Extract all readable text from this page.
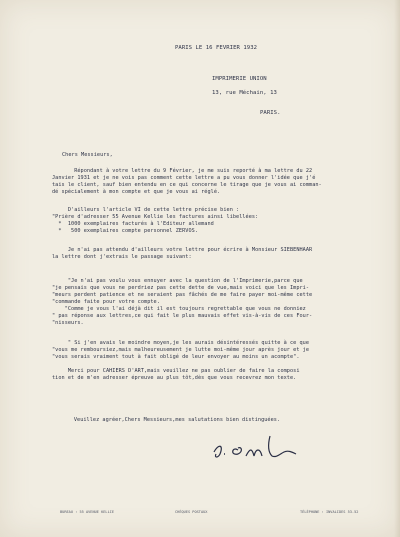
PARIS LE 16 FEVRIER 1932
IMPRIMERIE UNION
13, rue Méchain, 13
PARIS.
Chers Messieurs,
Répondant à votre lettre du 9 Février, je me suis reporté à ma lettre du 22
Janvier 1931 et je ne vois pas comment cette lettre a pu vous donner l'idée que j'é
tais le client, sauf bien entendu en ce qui concerne le tirage que je vous ai comman-
dé spécialement à mon compte et que je vous ai réglé.
D'ailleurs l'article VI de cette lettre précise bien :
"Prière d'adresser 55 Avenue Kellie les factures ainsi libellées:
*  1000 exemplaires facturés à l'Editeur allemand
*   500 exemplaires compte personnel ZERVOS.
Je n'ai pas attendu d'ailleurs votre lettre pour écrire à Monsieur SIEBENHAAR
la lettre dont j'extrais le passage suivant:
"Je n'ai pas voulu vous ennuyer avec la question de l'Imprimerie,parce que
"je pensais que vous ne perdriez pas cette dette de vue,mais voici que les Impri-
"meurs perdent patience et ne seraient pas fâchés de me faire payer moi-même cette
"commande faite pour votre compte.
"Comme je vous l'ai déjà dit il est toujours regrettable que vous ne donniez
" pas réponse aux lettres,ce qui fait le plus mauvais effet vis-à-vis de ces Four-
"nisseurs.
" Si j'en avais le moindre moyen,je les aurais désintéressés quitte à ce que
"vous me remboursiez,mais malheureusement je lutte moi-même jour après jour et je
"vous serais vraiment tout à fait obligé de leur envoyer au moins un acompte".
Merci pour CAHIERS D'ART,mais veuillez ne pas oublier de faire la composi
tion et de m'en adresser épreuve au plus tôt,dès que vous recevrez mon texte.
Veuillez agréer,Chers Messieurs,mes salutations bien distinguées.
BUREAU : 55 AVENUE KELLIE	CHÈQUES POSTAUX	TÉLÉPHONE : INVALIDES 53-52
